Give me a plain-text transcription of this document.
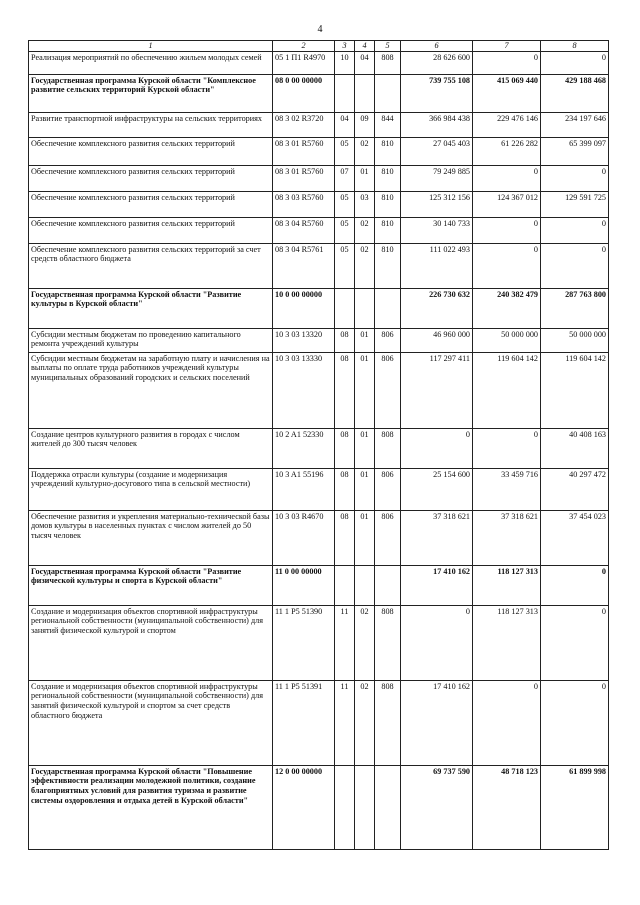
4
1	2	3	4	5	6	7	8
Реализация мероприятий по обеспечению жильем молодых семей	05 1 П1 R4970	10	04	808	28 626 600	0	0
Государственная программа Курской области "Комплексное развитие сельских территорий Курской области"	08 0 00 00000				739 755 108	415 069 440	429 188 468
Развитие транспортной инфраструктуры на сельских территориях	08 3 02 R3720	04	09	844	366 984 438	229 476 146	234 197 646
Обеспечение комплексного развития сельских территорий	08 3 01 R5760	05	02	810	27 045 403	61 226 282	65 399 097
Обеспечение комплексного развития сельских территорий	08 3 01 R5760	07	01	810	79 249 885	0	0
Обеспечение комплексного развития сельских территорий	08 3 03 R5760	05	03	810	125 312 156	124 367 012	129 591 725
Обеспечение комплексного развития сельских территорий	08 3 04 R5760	05	02	810	30 140 733	0	0
Обеспечение комплексного развития сельских территорий за счет средств областного бюджета	08 3 04 R5761	05	02	810	111 022 493	0	0
Государственная программа Курской области "Развитие культуры в Курской области"	10 0 00 00000				226 730 632	240 382 479	287 763 800
Субсидии местным бюджетам по проведению капитального ремонта учреждений культуры	10 3 03 13320	08	01	806	46 960 000	50 000 000	50 000 000
Субсидии местным бюджетам на заработную плату и начисления на выплаты по оплате труда работников учреждений культуры муниципальных образований городских и сельских поселений	10 3 03 13330	08	01	806	117 297 411	119 604 142	119 604 142
Создание центров культурного развития в городах с числом жителей до 300 тысяч человек	10 2 A1 52330	08	01	808	0	0	40 408 163
Поддержка отрасли культуры (создание и модернизация учреждений культурно-досугового типа в сельской местности)	10 3 A1 55196	08	01	806	25 154 600	33 459 716	40 297 472
Обеспечение развития и укрепления материально-технической базы домов культуры в населенных пунктах с числом жителей до 50 тысяч человек	10 3 03 R4670	08	01	806	37 318 621	37 318 621	37 454 023
Государственная программа Курской области "Развитие физической культуры и спорта в Курской области"	11 0 00 00000				17 410 162	118 127 313	0
Создание и модернизация объектов спортивной инфраструктуры региональной собственности (муниципальной собственности) для занятий физической культурой и спортом	11 1 P5 51390	11	02	808	0	118 127 313	0
Создание и модернизация объектов спортивной инфраструктуры региональной собственности (муниципальной собственности) для занятий физической культурой и спортом за счет средств областного бюджета	11 1 P5 51391	11	02	808	17 410 162	0	0
Государственная программа Курской области "Повышение эффективности реализации молодежной политики, создание благоприятных условий для развития туризма и развитие системы оздоровления и отдыха детей в Курской области"	12 0 00 00000				69 737 590	48 718 123	61 899 998
